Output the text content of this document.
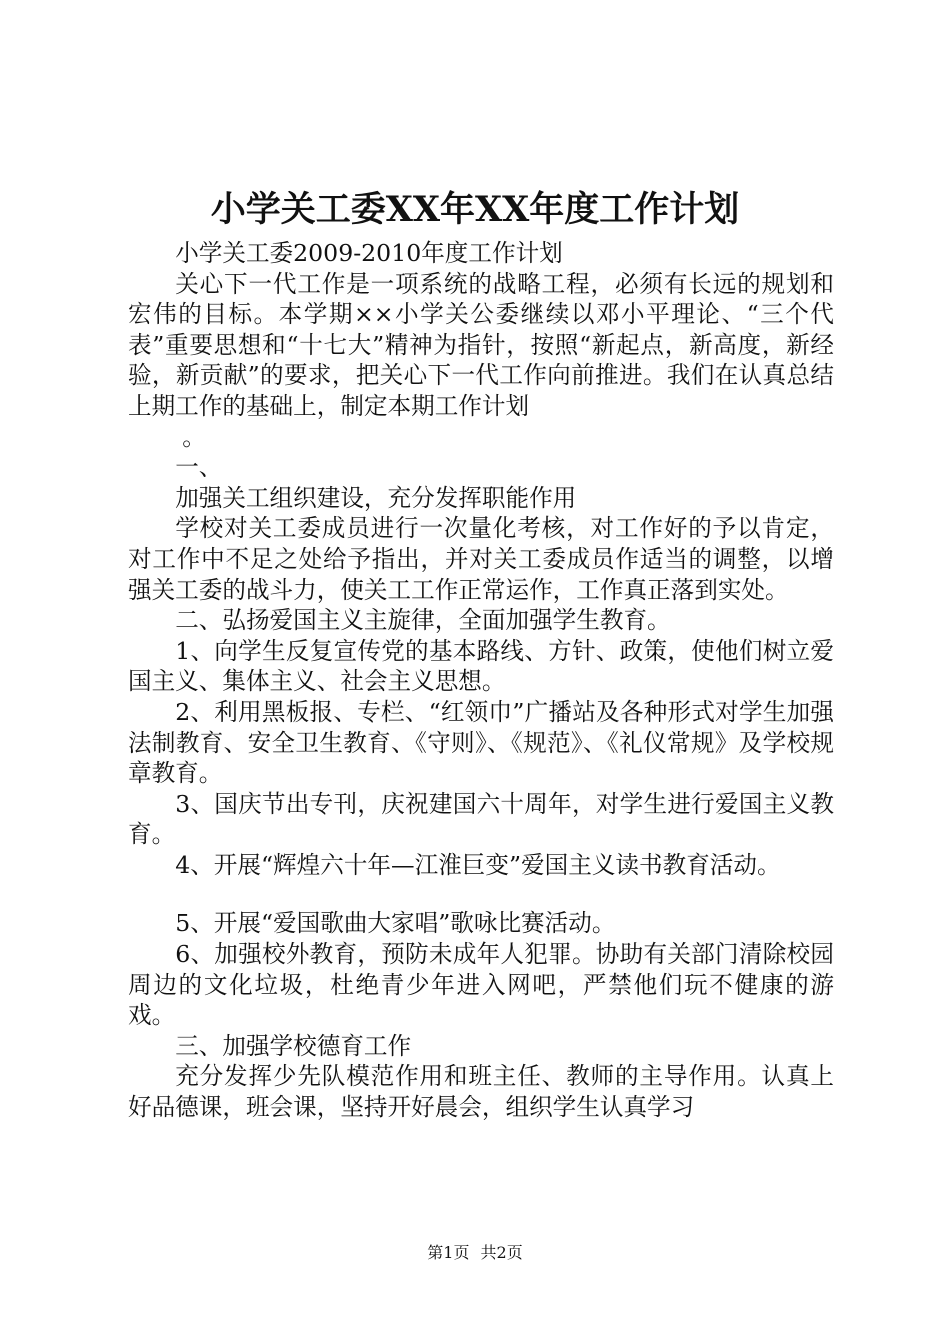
小学关工委XX年XX年度工作计划

小学关工委2009-2010年度工作计划

关心下一代工作是一项系统的战略工程，必须有长远的规划和宏伟的目标。本学期××小学关公委继续以邓小平理论、“三个代表”重要思想和“十七大”精神为指针，按照“新起点，新高度，新经验，新贡献”的要求，把关心下一代工作向前推进。我们在认真总结上期工作的基础上，制定本期工作计划

。

一、

加强关工组织建设，充分发挥职能作用

学校对关工委成员进行一次量化考核，对工作好的予以肯定，对工作中不足之处给予指出，并对关工委成员作适当的调整，以增强关工委的战斗力，使关工工作正常运作，工作真正落到实处。

二、弘扬爱国主义主旋律，全面加强学生教育。

1、向学生反复宣传党的基本路线、方针、政策，使他们树立爱国主义、集体主义、社会主义思想。

2、利用黑板报、专栏、“红领巾”广播站及各种形式对学生加强法制教育、安全卫生教育、《守则》、《规范》、《礼仪常规》及学校规章教育。

3、国庆节出专刊，庆祝建国六十周年，对学生进行爱国主义教育。

4、开展“辉煌六十年—江淮巨变”爱国主义读书教育活动。

5、开展“爱国歌曲大家唱”歌咏比赛活动。

6、加强校外教育，预防未成年人犯罪。协助有关部门清除校园周边的文化垃圾，杜绝青少年进入网吧，严禁他们玩不健康的游戏。

三、加强学校德育工作

充分发挥少先队模范作用和班主任、教师的主导作用。认真上好品德课，班会课，坚持开好晨会，组织学生认真学习

第1页 共2页
